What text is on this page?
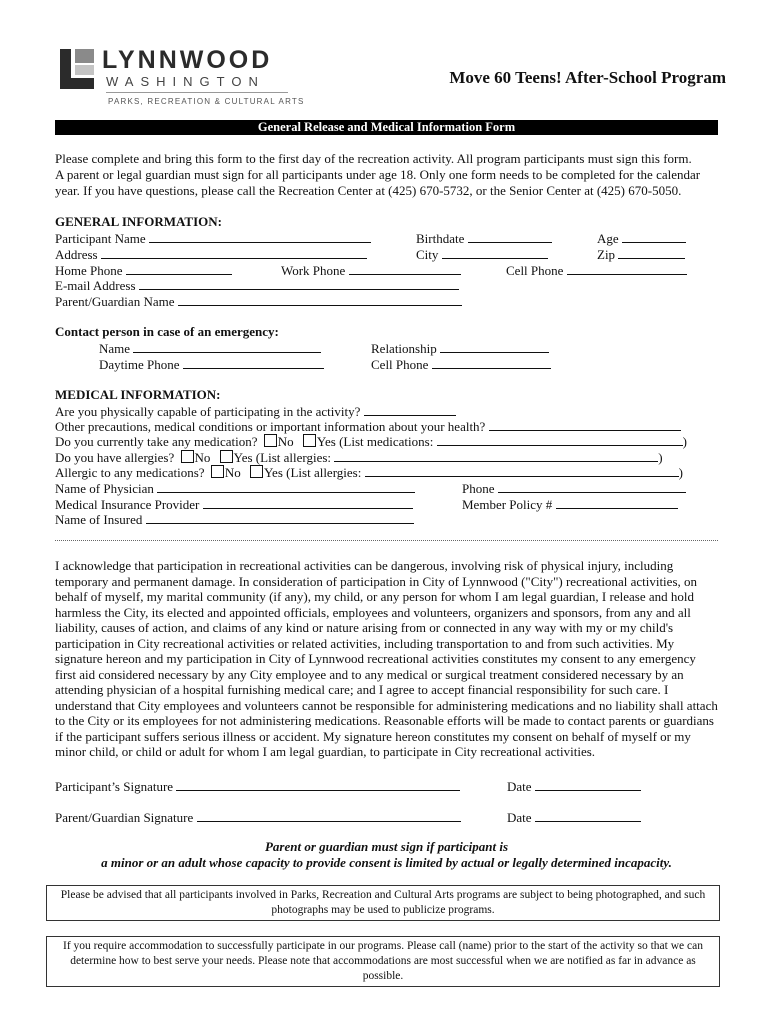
LYNNWOOD
WASHINGTON
PARKS, RECREATION & CULTURAL ARTS
Move 60 Teens! After-School Program
General Release and Medical Information Form
Please complete and bring this form to the first day of the recreation activity. All program participants must sign this form.
A parent or legal guardian must sign for all participants under age 18. Only one form needs to be completed for the calendar
year. If you have questions, please call the Recreation Center at (425) 670-5732, or the Senior Center at (425) 670-5050.
GENERAL INFORMATION:
Participant Name	Birthdate	Age
Address	City	Zip
Home Phone	Work Phone	Cell Phone
E-mail Address
Parent/Guardian Name
Contact person in case of an emergency:
Name	Relationship
Daytime Phone	Cell Phone
MEDICAL INFORMATION:
Are you physically capable of participating in the activity?
Other precautions, medical conditions or important information about your health?
Do you currently take any medication? No Yes (List medications:	)
Do you have allergies? No Yes (List allergies:	)
Allergic to any medications? No Yes (List allergies:	)
Name of Physician	Phone
Medical Insurance Provider	Member Policy #
Name of Insured
I acknowledge that participation in recreational activities can be dangerous, involving risk of physical injury, including temporary and permanent damage. In consideration of participation in City of Lynnwood ("City") recreational activities, on behalf of myself, my marital community (if any), my child, or any person for whom I am legal guardian, I release and hold harmless the City, its elected and appointed officials, employees and volunteers, organizers and sponsors, from any and all liability, causes of action, and claims of any kind or nature arising from or connected in any way with my or my child's participation in City recreational activities or related activities, including transportation to and from such activities. My signature hereon and my participation in City of Lynnwood recreational activities constitutes my consent to any emergency first aid considered necessary by any City employee and to any medical or surgical treatment considered necessary by an attending physician of a hospital furnishing medical care; and I agree to accept financial responsibility for such care. I understand that City employees and volunteers cannot be responsible for administering medications and no liability shall attach to the City or its employees for not administering medications. Reasonable efforts will be made to contact parents or guardians if the participant suffers serious illness or accident. My signature hereon constitutes my consent on behalf of myself or my minor child, or child or adult for whom I am legal guardian, to participate in City recreational activities.
Participant’s Signature	Date
Parent/Guardian Signature	Date
Parent or guardian must sign if participant is
a minor or an adult whose capacity to provide consent is limited by actual or legally determined incapacity.
Please be advised that all participants involved in Parks, Recreation and Cultural Arts programs are subject to being photographed, and such photographs may be used to publicize programs.
If you require accommodation to successfully participate in our programs. Please call (name) prior to the start of the activity so that we can determine how to best serve your needs. Please note that accommodations are most successful when we are notified as far in advance as possible.
